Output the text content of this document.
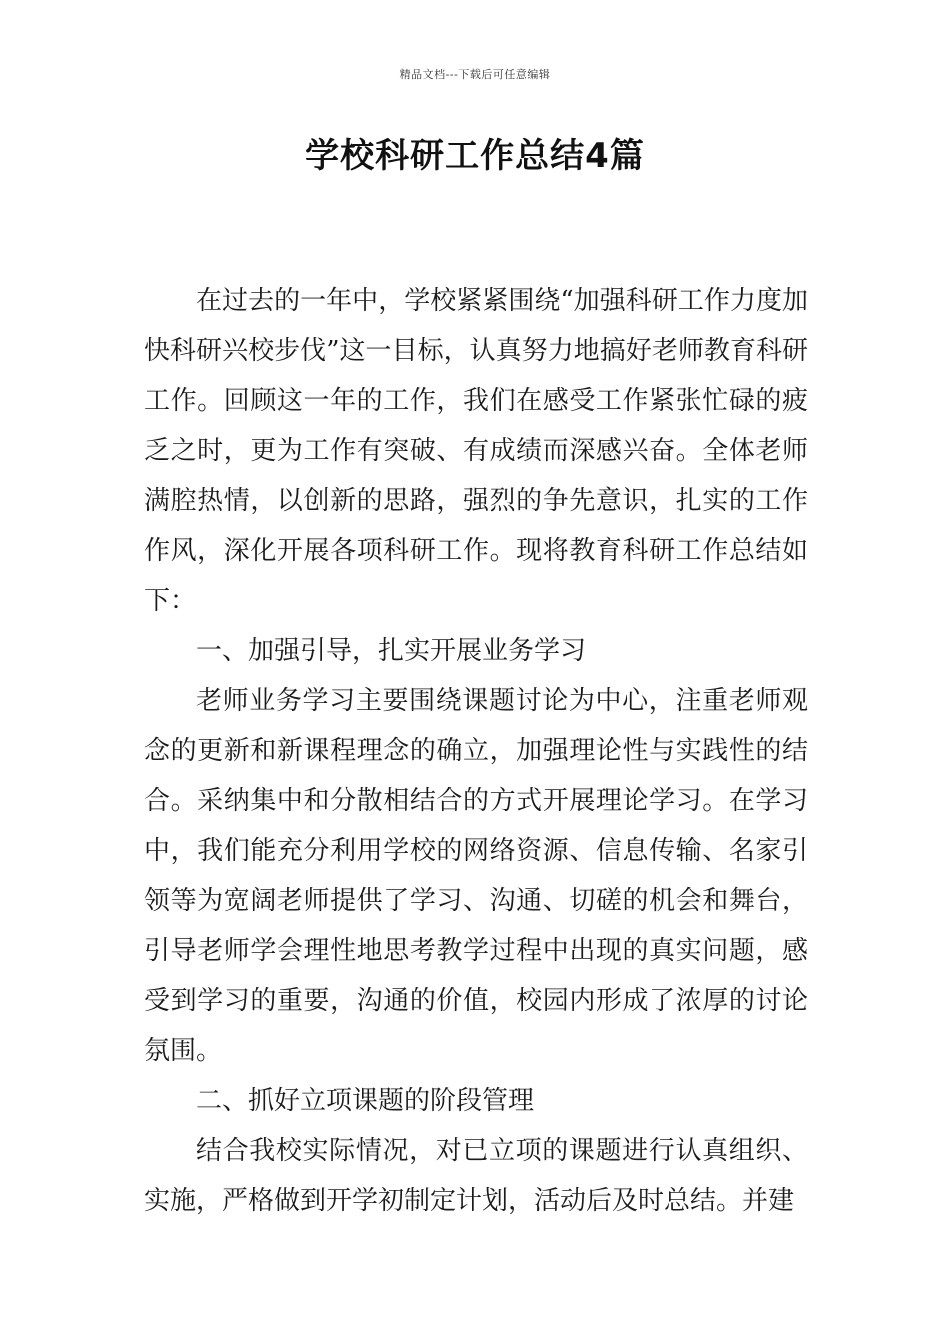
精品文档---下载后可任意编辑
学校科研工作总结4篇

在过去的一年中，学校紧紧围绕“加强科研工作力度加快科研兴校步伐”这一目标，认真努力地搞好老师教育科研工作。回顾这一年的工作，我们在感受工作紧张忙碌的疲乏之时，更为工作有突破、有成绩而深感兴奋。全体老师满腔热情，以创新的思路，强烈的争先意识，扎实的工作作风，深化开展各项科研工作。现将教育科研工作总结如下：

一、加强引导，扎实开展业务学习

老师业务学习主要围绕课题讨论为中心，注重老师观念的更新和新课程理念的确立，加强理论性与实践性的结合。采纳集中和分散相结合的方式开展理论学习。在学习中，我们能充分利用学校的网络资源、信息传输、名家引领等为宽阔老师提供了学习、沟通、切磋的机会和舞台，引导老师学会理性地思考教学过程中出现的真实问题，感受到学习的重要，沟通的价值，校园内形成了浓厚的讨论氛围。

二、抓好立项课题的阶段管理

结合我校实际情况，对已立项的课题进行认真组织、实施，严格做到开学初制定计划，活动后及时总结。并建
